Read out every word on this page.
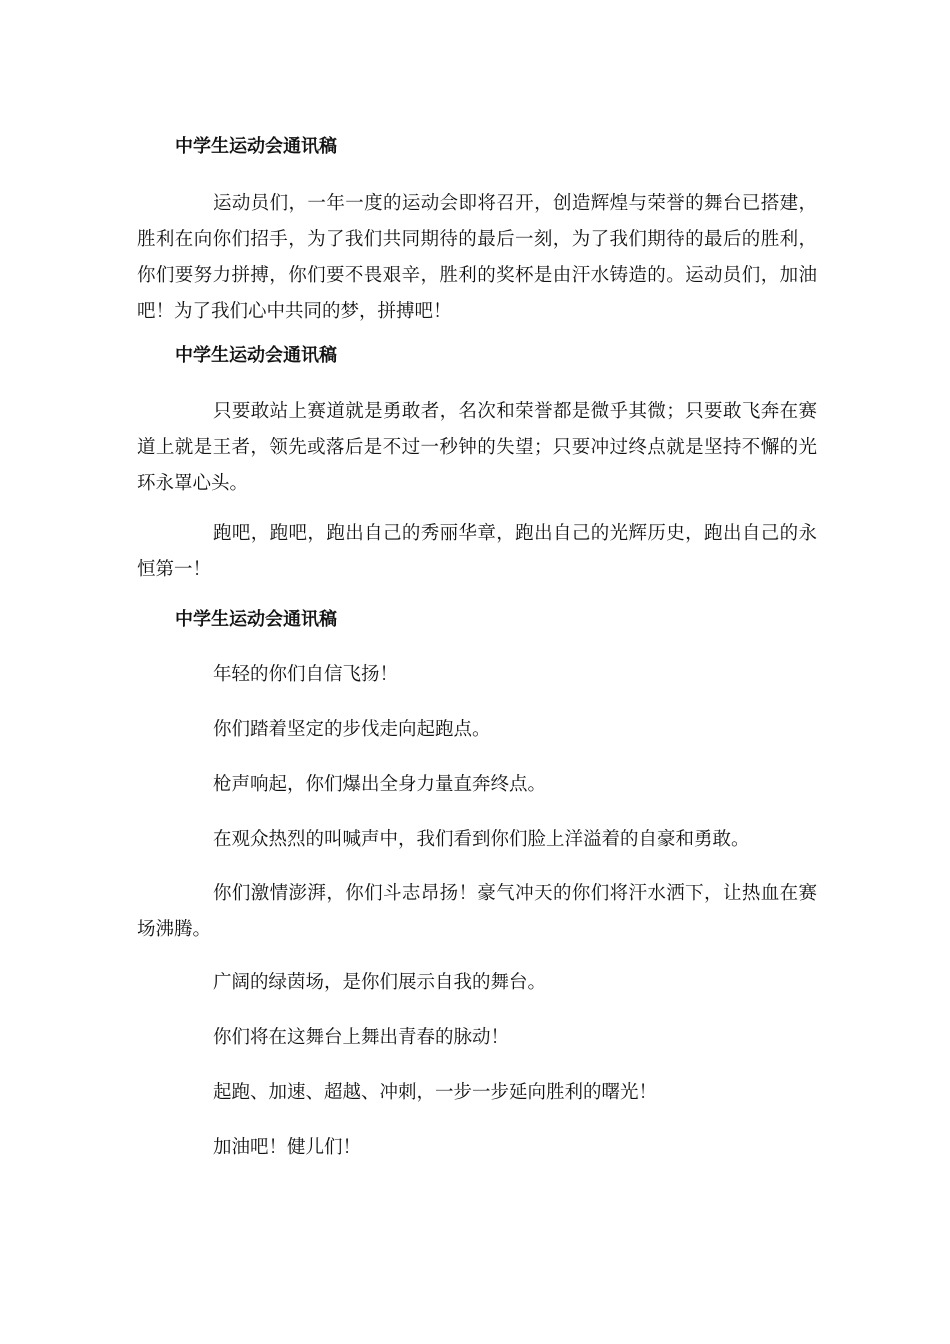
中学生运动会通讯稿

运动员们，一年一度的运动会即将召开，创造辉煌与荣誉的舞台已搭建，胜利在向你们招手，为了我们共同期待的最后一刻，为了我们期待的最后的胜利，你们要努力拼搏，你们要不畏艰辛，胜利的奖杯是由汗水铸造的。运动员们，加油吧！为了我们心中共同的梦，拼搏吧！

中学生运动会通讯稿

只要敢站上赛道就是勇敢者，名次和荣誉都是微乎其微；只要敢飞奔在赛道上就是王者，领先或落后是不过一秒钟的失望；只要冲过终点就是坚持不懈的光环永罩心头。

跑吧，跑吧，跑出自己的秀丽华章，跑出自己的光辉历史，跑出自己的永恒第一！

中学生运动会通讯稿

年轻的你们自信飞扬！

你们踏着坚定的步伐走向起跑点。

枪声响起，你们爆出全身力量直奔终点。

在观众热烈的叫喊声中，我们看到你们脸上洋溢着的自豪和勇敢。

你们激情澎湃，你们斗志昂扬！豪气冲天的你们将汗水洒下，让热血在赛场沸腾。

广阔的绿茵场，是你们展示自我的舞台。

你们将在这舞台上舞出青春的脉动！

起跑、加速、超越、冲刺，一步一步延向胜利的曙光！

加油吧！健儿们！
